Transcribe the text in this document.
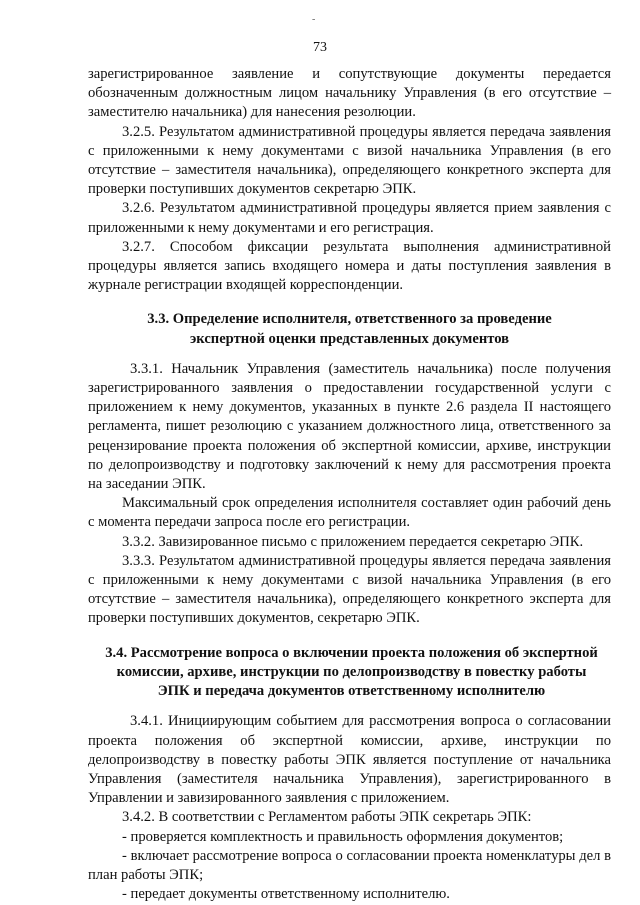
-
73

зарегистрированное заявление и сопутствующие документы передается обозначенным должностным лицом начальнику Управления (в его отсутствие – заместителю начальника) для нанесения резолюции.

3.2.5. Результатом административной процедуры является передача заявления с приложенными к нему документами с визой начальника Управления (в его отсутствие – заместителя начальника), определяющего конкретного эксперта для проверки поступивших документов секретарю ЭПК.

3.2.6. Результатом административной процедуры является прием заявления с приложенными к нему документами и его регистрация.

3.2.7. Способом фиксации результата выполнения административной процедуры является запись входящего номера и даты поступления заявления в журнале регистрации входящей корреспонденции.

3.3. Определение исполнителя, ответственного за проведение
экспертной оценки представленных документов

3.3.1. Начальник Управления (заместитель начальника) после получения зарегистрированного заявления о предоставлении государственной услуги с приложением к нему документов, указанных в пункте 2.6 раздела II настоящего регламента, пишет резолюцию с указанием должностного лица, ответственного за рецензирование проекта положения об экспертной комиссии, архиве, инструкции по делопроизводству и подготовку заключений к нему для рассмотрения проекта на заседании ЭПК.

Максимальный срок определения исполнителя составляет один рабочий день с момента передачи запроса после его регистрации.

3.3.2. Завизированное письмо с приложением передается секретарю ЭПК.

3.3.3. Результатом административной процедуры является передача заявления с приложенными к нему документами с визой начальника Управления (в его отсутствие – заместителя начальника), определяющего конкретного эксперта для проверки поступивших документов, секретарю ЭПК.

3.4. Рассмотрение вопроса о включении проекта положения об экспертной
комиссии, архиве, инструкции по делопроизводству в повестку работы
ЭПК и передача документов ответственному исполнителю

3.4.1. Инициирующим событием для рассмотрения вопроса о согласовании проекта положения об экспертной комиссии, архиве, инструкции по делопроизводству в повестку работы ЭПК является поступление от начальника Управления (заместителя начальника Управления), зарегистрированного в Управлении и завизированного заявления с приложением.

3.4.2. В соответствии с Регламентом работы ЭПК секретарь ЭПК:

- проверяется комплектность и правильность оформления документов;

- включает рассмотрение вопроса о согласовании проекта номенклатуры дел в план работы ЭПК;

- передает документы ответственному исполнителю.
